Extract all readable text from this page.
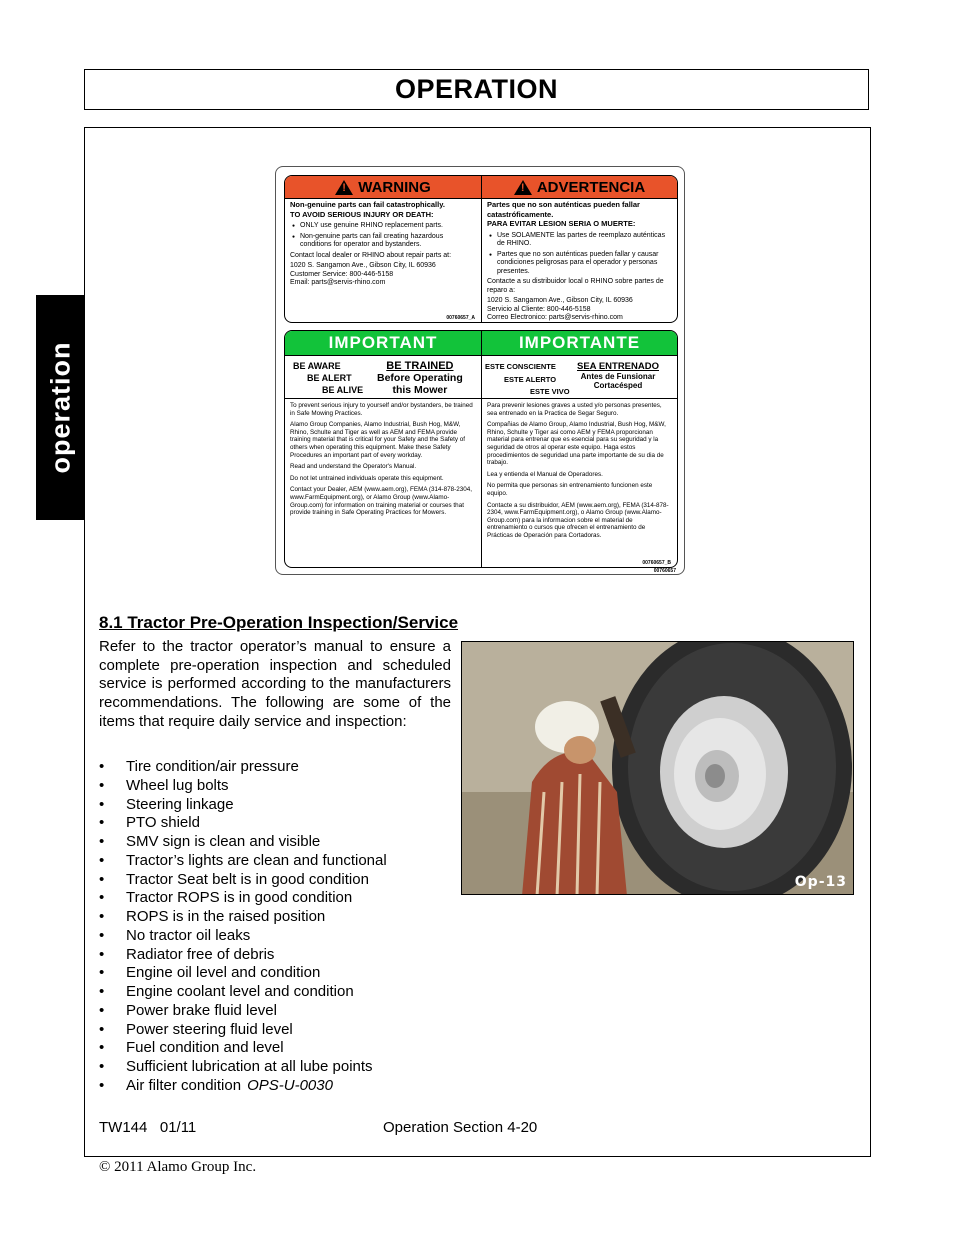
OPERATION
operation
!
WARNING

Non-genuine parts can fail catastrophically.
TO AVOID SERIOUS INJURY OR DEATH:

● ONLY use genuine RHINO replacement parts.

● Non-genuine parts can fail creating hazardous conditions for operator and bystanders.

Contact local dealer or RHINO about repair parts at:

1020 S. Sangamon Ave., Gibson City, IL 60936

Customer Service: 800-446-5158

Email: parts@servis-rhino.com

00760657_A
!
ADVERTENCIA

Partes que no son auténticas pueden fallar catastróficamente.
PARA EVITAR LESION SERIA O MUERTE:

● Use SOLAMENTE las partes de reemplazo auténticas de RHINO.

● Partes que no son auténticas pueden fallar y causar condiciones peligrosas para el operador y personas presentes.

Contacte a su distribuidor local o RHINO sobre partes de reparo a:

1020 S. Sangamon Ave., Gibson City, IL 60936

Servicio al Cliente: 800-446-5158

Correo Electronico: parts@servis-rhino.com

IMPORTANT
BE AWARE
BE ALERT
BE ALIVE
BE TRAINED
Before Operating
this Mower

To prevent serious injury to yourself and/or bystanders, be trained in Safe Mowing Practices.

Alamo Group Companies, Alamo Industrial, Bush Hog, M&W, Rhino, Schulte and Tiger as well as AEM and FEMA provide training material that is critical for your Safety and the Safety of others when operating this equipment. Make these Safety Procedures an important part of every workday.

Read and understand the Operator's Manual.

Do not let untrained individuals operate this equipment.

Contact your Dealer, AEM (www.aem.org), FEMA (314-878-2304, www.FarmEquipment.org), or Alamo Group (www.Alamo-Group.com) for information on training material or courses that provide training in Safe Operating Practices for Mowers.

IMPORTANTE
ESTE CONSCIENTE
ESTE ALERTO
ESTE VIVO
SEA ENTRENADO
Antes de Funsionar
Cortacésped

Para prevenir lesiones graves a usted y/o personas presentes, sea entrenado en la Practica de Segar Seguro.

Compañias de Alamo Group, Alamo Industrial, Bush Hog, M&W, Rhino, Schulte y Tiger asi como AEM y FEMA proporcionan material para entrenar que es esencial para su seguridad y la seguridad de otros al operar este equipo. Haga estos procedimientos de seguridad una parte importante de su dia de trabajo.

Lea y entienda el Manual de Operadores.

No permita que personas sin entrenamiento funcionen este equipo.

Contacte a su distribuidor, AEM (www.aem.org), FEMA (314-878-2304, www.FarmEquipment.org), o Alamo Group (www.Alamo-Group.com) para la informacion sobre el material de entrenamiento o cursos que ofrecen el entrenamiento de Prácticas de Operación para Cortadoras.

00760657_B
00760657
8.1 Tractor Pre-Operation Inspection/Service

Refer to the tractor operator’s manual to ensure a complete pre-operation inspection and scheduled service is performed according to the manufacturers recommendations. The following are some of the items that require daily service and inspection:

Op-13
• Tire condition/air pressure
• Wheel lug bolts
• Steering linkage
• PTO shield
• SMV sign is clean and visible
• Tractor’s lights are clean and functional
• Tractor Seat belt is in good condition
• Tractor ROPS is in good condition
• ROPS is in the raised position
• No tractor oil leaks
• Radiator free of debris
• Engine oil level and condition
• Engine coolant level and condition
• Power brake fluid level
• Power steering fluid level
• Fuel condition and level
• Sufficient lubrication at all lube points
• Air filter condition OPS-U-0030
TW144   01/11	Operation Section 4-20
© 2011 Alamo Group Inc.
